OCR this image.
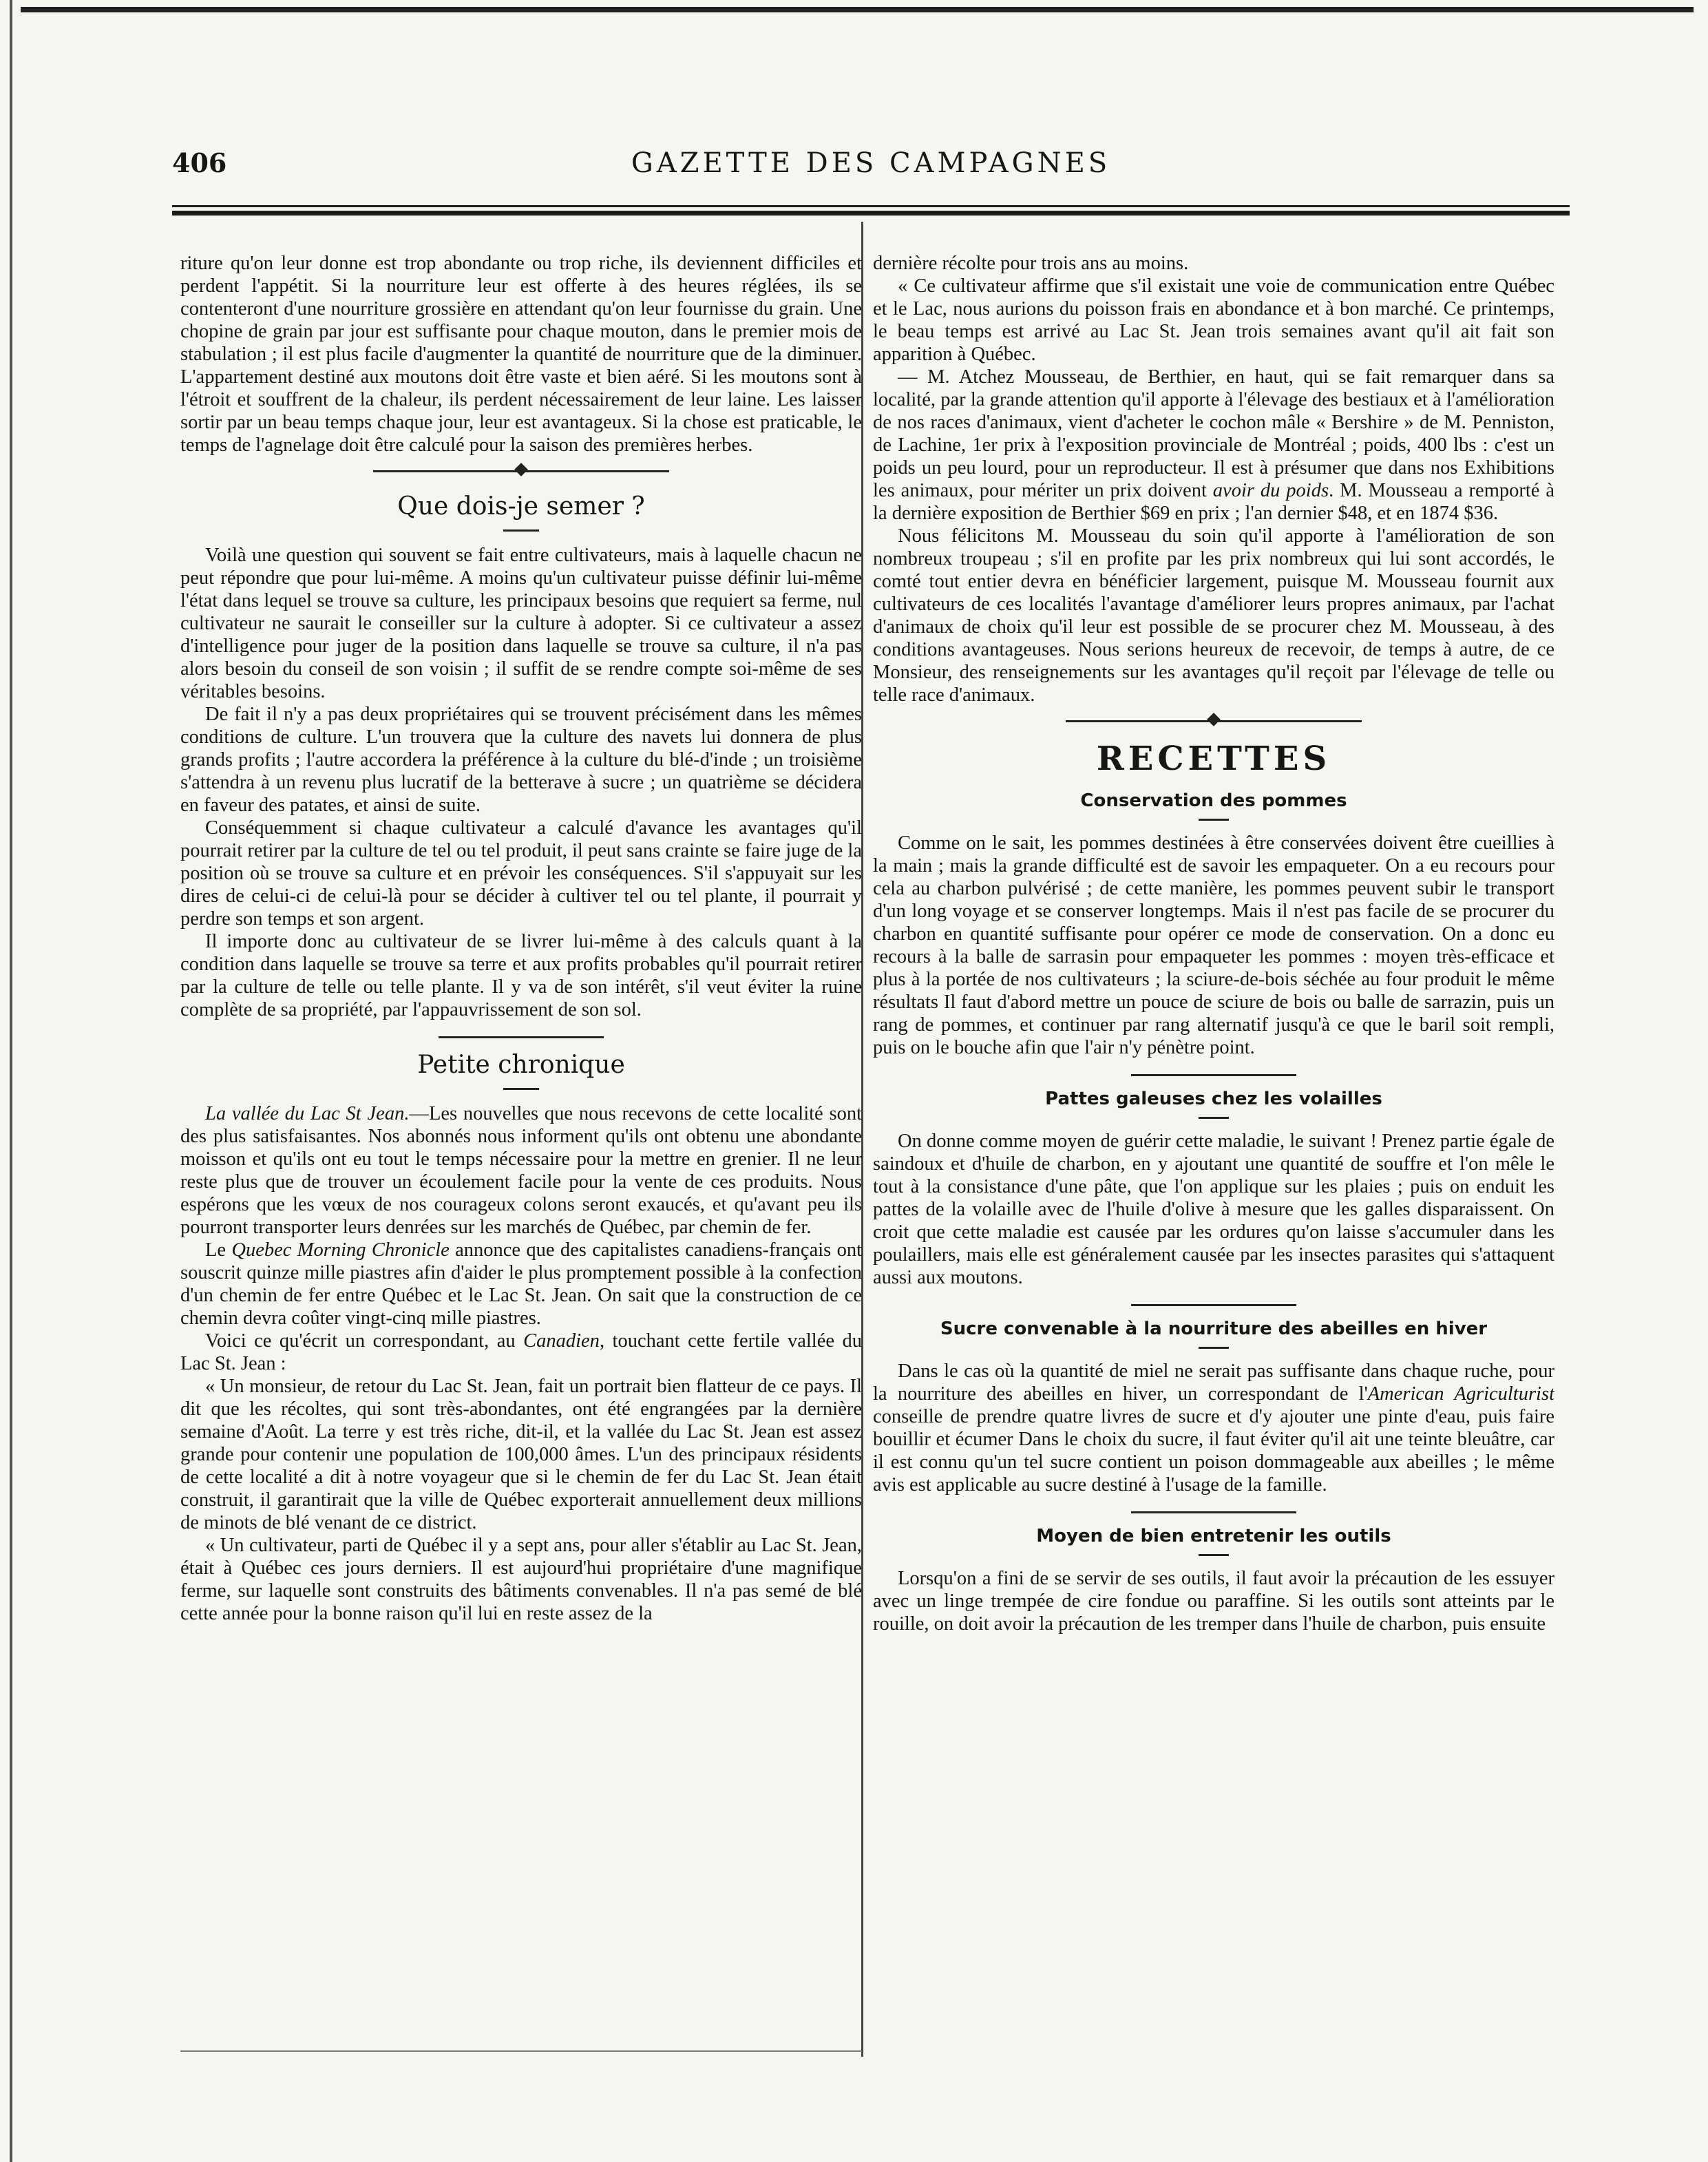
406	GAZETTE DES CAMPAGNES

riture qu'on leur donne est trop abondante ou trop riche, ils deviennent difficiles et perdent l'appétit. Si la nourriture leur est offerte à des heures réglées, ils se contenteront d'une nourriture grossière en attendant qu'on leur fournisse du grain. Une chopine de grain par jour est suffisante pour chaque mouton, dans le premier mois de stabulation ; il est plus facile d'augmenter la quantité de nourriture que de la diminuer. L'appartement destiné aux moutons doit être vaste et bien aéré. Si les moutons sont à l'étroit et souffrent de la chaleur, ils perdent nécessairement de leur laine. Les laisser sortir par un beau temps chaque jour, leur est avantageux. Si la chose est praticable, le temps de l'agnelage doit être calculé pour la saison des premières herbes.

Que dois-je semer ?

Voilà une question qui souvent se fait entre cultivateurs, mais à laquelle chacun ne peut répondre que pour lui-même. A moins qu'un cultivateur puisse définir lui-même l'état dans lequel se trouve sa culture, les principaux besoins que requiert sa ferme, nul cultivateur ne saurait le conseiller sur la culture à adopter. Si ce cultivateur a assez d'intelligence pour juger de la position dans laquelle se trouve sa culture, il n'a pas alors besoin du conseil de son voisin ; il suffit de se rendre compte soi-même de ses véritables besoins.

De fait il n'y a pas deux propriétaires qui se trouvent précisément dans les mêmes conditions de culture. L'un trouvera que la culture des navets lui donnera de plus grands profits ; l'autre accordera la préférence à la culture du blé-d'inde ; un troisième s'attendra à un revenu plus lucratif de la betterave à sucre ; un quatrième se décidera en faveur des patates, et ainsi de suite.

Conséquemment si chaque cultivateur a calculé d'avance les avantages qu'il pourrait retirer par la culture de tel ou tel produit, il peut sans crainte se faire juge de la position où se trouve sa culture et en prévoir les conséquences. S'il s'appuyait sur les dires de celui-ci de celui-là pour se décider à cultiver tel ou tel plante, il pourrait y perdre son temps et son argent.

Il importe donc au cultivateur de se livrer lui-même à des calculs quant à la condition dans laquelle se trouve sa terre et aux profits probables qu'il pourrait retirer par la culture de telle ou telle plante. Il y va de son intérêt, s'il veut éviter la ruine complète de sa propriété, par l'appauvrissement de son sol.

Petite chronique

La vallée du Lac St Jean.—Les nouvelles que nous recevons de cette localité sont des plus satisfaisantes. Nos abonnés nous informent qu'ils ont obtenu une abondante moisson et qu'ils ont eu tout le temps nécessaire pour la mettre en grenier. Il ne leur reste plus que de trouver un écoulement facile pour la vente de ces produits. Nous espérons que les vœux de nos courageux colons seront exaucés, et qu'avant peu ils pourront transporter leurs denrées sur les marchés de Québec, par chemin de fer.

Le Quebec Morning Chronicle annonce que des capitalistes canadiens-français ont souscrit quinze mille piastres afin d'aider le plus promptement possible à la confection d'un chemin de fer entre Québec et le Lac St. Jean. On sait que la construction de ce chemin devra coûter vingt-cinq mille piastres.

Voici ce qu'écrit un correspondant, au Canadien, touchant cette fertile vallée du Lac St. Jean :

« Un monsieur, de retour du Lac St. Jean, fait un portrait bien flatteur de ce pays. Il dit que les récoltes, qui sont très-abondantes, ont été engrangées par la dernière semaine d'Août. La terre y est très riche, dit-il, et la vallée du Lac St. Jean est assez grande pour contenir une population de 100,000 âmes. L'un des principaux résidents de cette localité a dit à notre voyageur que si le chemin de fer du Lac St. Jean était construit, il garantirait que la ville de Québec exporterait annuellement deux millions de minots de blé venant de ce district.

« Un cultivateur, parti de Québec il y a sept ans, pour aller s'établir au Lac St. Jean, était à Québec ces jours derniers. Il est aujourd'hui propriétaire d'une magnifique ferme, sur laquelle sont construits des bâtiments convenables. Il n'a pas semé de blé cette année pour la bonne raison qu'il lui en reste assez de la

dernière récolte pour trois ans au moins.

« Ce cultivateur affirme que s'il existait une voie de communication entre Québec et le Lac, nous aurions du poisson frais en abondance et à bon marché. Ce printemps, le beau temps est arrivé au Lac St. Jean trois semaines avant qu'il ait fait son apparition à Québec.

— M. Atchez Mousseau, de Berthier, en haut, qui se fait remarquer dans sa localité, par la grande attention qu'il apporte à l'élevage des bestiaux et à l'amélioration de nos races d'animaux, vient d'acheter le cochon mâle « Bershire » de M. Penniston, de Lachine, 1er prix à l'exposition provinciale de Montréal ; poids, 400 lbs : c'est un poids un peu lourd, pour un reproducteur. Il est à présumer que dans nos Exhibitions les animaux, pour mériter un prix doivent avoir du poids. M. Mousseau a remporté à la dernière exposition de Berthier $69 en prix ; l'an dernier $48, et en 1874 $36.

Nous félicitons M. Mousseau du soin qu'il apporte à l'amélioration de son nombreux troupeau ; s'il en profite par les prix nombreux qui lui sont accordés, le comté tout entier devra en bénéficier largement, puisque M. Mousseau fournit aux cultivateurs de ces localités l'avantage d'améliorer leurs propres animaux, par l'achat d'animaux de choix qu'il leur est possible de se procurer chez M. Mousseau, à des conditions avantageuses. Nous serions heureux de recevoir, de temps à autre, de ce Monsieur, des renseignements sur les avantages qu'il reçoit par l'élevage de telle ou telle race d'animaux.

RECETTES
Conservation des pommes

Comme on le sait, les pommes destinées à être conservées doivent être cueillies à la main ; mais la grande difficulté est de savoir les empaqueter. On a eu recours pour cela au charbon pulvérisé ; de cette manière, les pommes peuvent subir le transport d'un long voyage et se conserver longtemps. Mais il n'est pas facile de se procurer du charbon en quantité suffisante pour opérer ce mode de conservation. On a donc eu recours à la balle de sarrasin pour empaqueter les pommes : moyen très-efficace et plus à la portée de nos cultivateurs ; la sciure-de-bois séchée au four produit le même résultats Il faut d'abord mettre un pouce de sciure de bois ou balle de sarrazin, puis un rang de pommes, et continuer par rang alternatif jusqu'à ce que le baril soit rempli, puis on le bouche afin que l'air n'y pénètre point.

Pattes galeuses chez les volailles

On donne comme moyen de guérir cette maladie, le suivant ! Prenez partie égale de saindoux et d'huile de charbon, en y ajoutant une quantité de souffre et l'on mêle le tout à la consistance d'une pâte, que l'on applique sur les plaies ; puis on enduit les pattes de la volaille avec de l'huile d'olive à mesure que les galles disparaissent. On croit que cette maladie est causée par les ordures qu'on laisse s'accumuler dans les poulaillers, mais elle est généralement causée par les insectes parasites qui s'attaquent aussi aux moutons.

Sucre convenable à la nourriture des abeilles en hiver

Dans le cas où la quantité de miel ne serait pas suffisante dans chaque ruche, pour la nourriture des abeilles en hiver, un correspondant de l'American Agriculturist conseille de prendre quatre livres de sucre et d'y ajouter une pinte d'eau, puis faire bouillir et écumer Dans le choix du sucre, il faut éviter qu'il ait une teinte bleuâtre, car il est connu qu'un tel sucre contient un poison dommageable aux abeilles ; le même avis est applicable au sucre destiné à l'usage de la famille.

Moyen de bien entretenir les outils

Lorsqu'on a fini de se servir de ses outils, il faut avoir la précaution de les essuyer avec un linge trempée de cire fondue ou paraffine. Si les outils sont atteints par le rouille, on doit avoir la précaution de les tremper dans l'huile de charbon, puis ensuite
